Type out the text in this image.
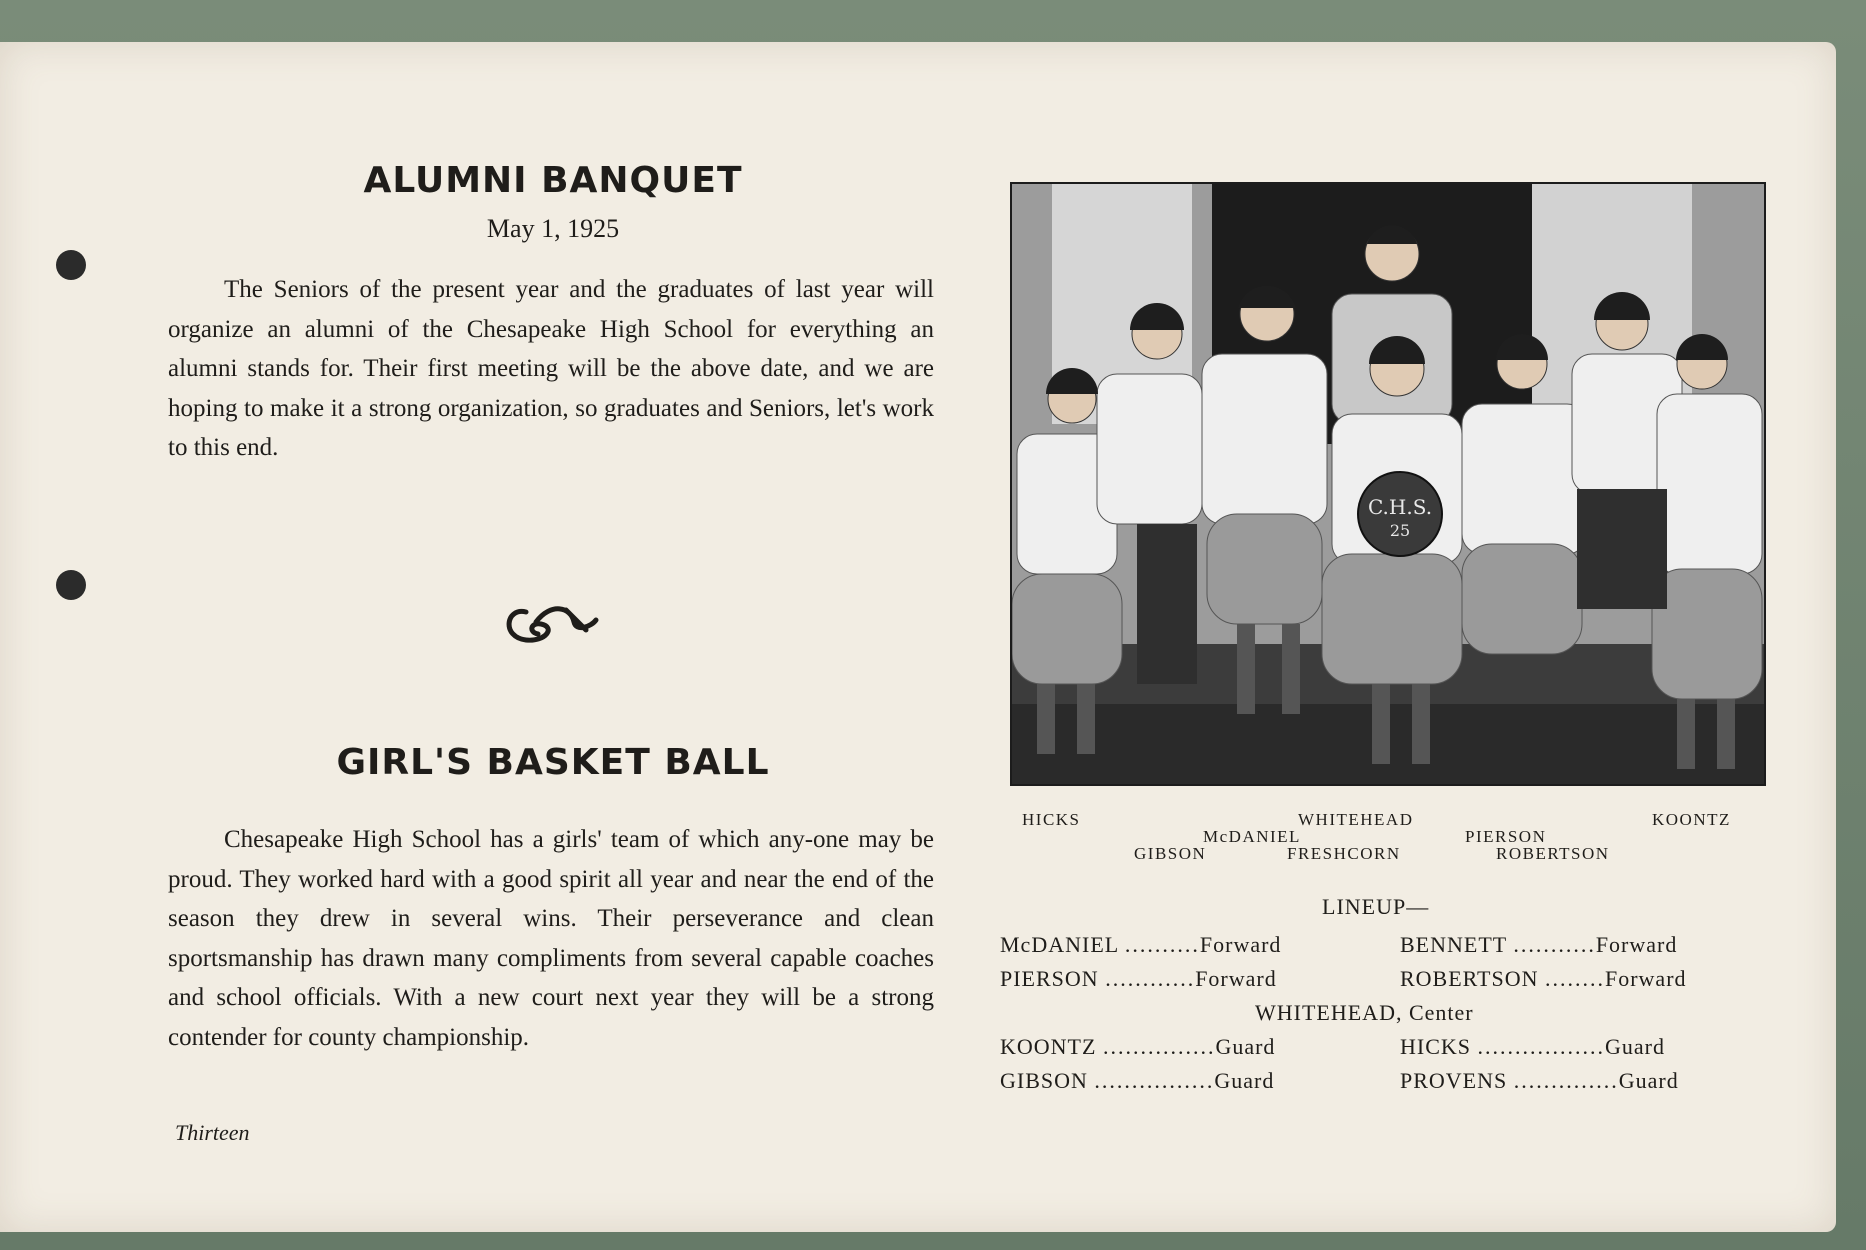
ALUMNI BANQUET
May 1, 1925

The Seniors of the present year and the graduates of last year will organize an alumni of the Chesapeake High School for everything an alumni stands for. Their first meeting will be the above date, and we are hoping to make it a strong organization, so graduates and Seniors, let's work to this end.

GIRL'S BASKET BALL

Chesapeake High School has a girls' team of which any-one may be proud. They worked hard with a good spirit all year and near the end of the season they drew in several wins. Their perseverance and clean sportsmanship has drawn many compliments from several capable coaches and school officials. With a new court next year they will be a strong contender for county championship.

Thirteen
C.H.S.
25
HICKS
GIBSON
McDANIEL
WHITEHEAD
FRESHCORN
PIERSON
ROBERTSON
KOONTZ
LINEUP—
McDANIEL ..........Forward	BENNETT ...........Forward
PIERSON ............Forward	ROBERTSON ........Forward
WHITEHEAD, Center
KOONTZ ...............Guard	HICKS .................Guard
GIBSON ................Guard	PROVENS ..............Guard
